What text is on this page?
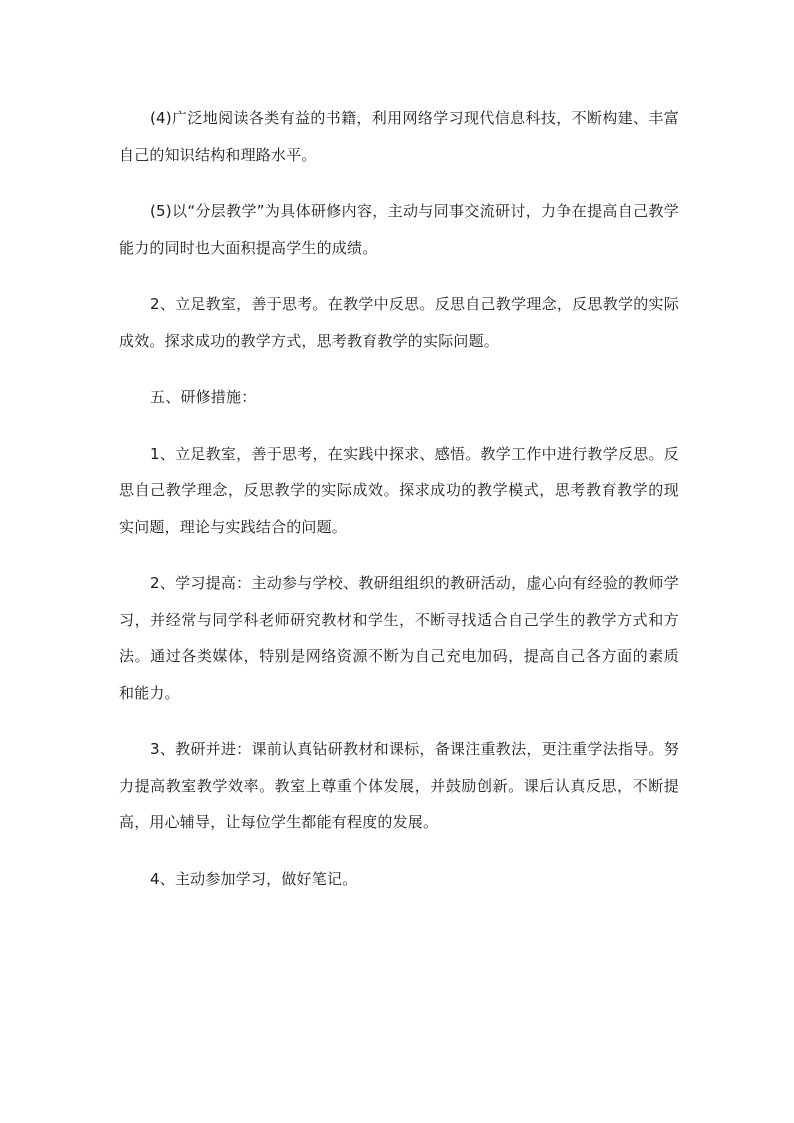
(4)广泛地阅读各类有益的书籍，利用网络学习现代信息科技，不断构建、丰富自己的知识结构和理路水平。

(5)以“分层教学”为具体研修内容，主动与同事交流研讨，力争在提高自己教学能力的同时也大面积提高学生的成绩。

2、立足教室，善于思考。在教学中反思。反思自己教学理念，反思教学的实际成效。探求成功的教学方式，思考教育教学的实际问题。

五、研修措施：

1、立足教室，善于思考，在实践中探求、感悟。教学工作中进行教学反思。反思自己教学理念，反思教学的实际成效。探求成功的教学模式，思考教育教学的现实问题，理论与实践结合的问题。

2、学习提高：主动参与学校、教研组组织的教研活动，虚心向有经验的教师学习，并经常与同学科老师研究教材和学生，不断寻找适合自己学生的教学方式和方法。通过各类媒体，特别是网络资源不断为自己充电加码，提高自己各方面的素质和能力。

3、教研并进：课前认真钻研教材和课标，备课注重教法，更注重学法指导。努力提高教室教学效率。教室上尊重个体发展，并鼓励创新。课后认真反思，不断提高，用心辅导，让每位学生都能有程度的发展。

4、主动参加学习，做好笔记。
